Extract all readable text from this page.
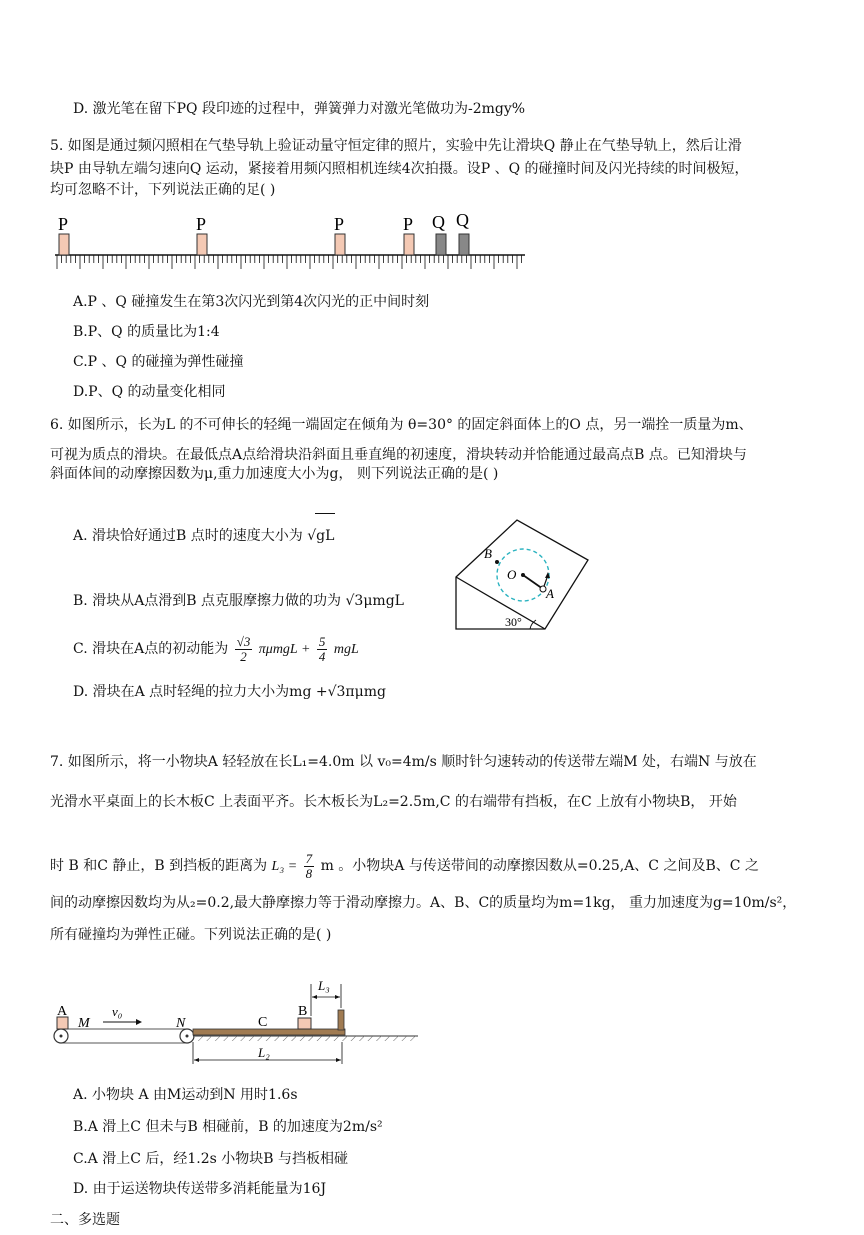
D. 激光笔在留下PQ 段印迹的过程中，弹簧弹力对激光笔做功为-2mgy%
5. 如图是通过频闪照相在气垫导轨上验证动量守恒定律的照片，实验中先让滑块Q 静止在气垫导轨上，然后让滑
块P 由导轨左端匀速向Q 运动，紧接着用频闪照相机连续4次拍摄。设P 、Q 的碰撞时间及闪光持续的时间极短，
均可忽略不计，下列说法正确的足( )
P	P	P	P Q Q
A.P 、Q 碰撞发生在第3次闪光到第4次闪光的正中间时刻
B.P、Q 的质量比为1:4
C.P 、Q 的碰撞为弹性碰撞
D.P、Q 的动量变化相同
6. 如图所示，长为L 的不可伸长的轻绳一端固定在倾角为 θ=30° 的固定斜面体上的O 点，另一端拴一质量为m、
可视为质点的滑块。在最低点A点给滑块沿斜面且垂直绳的初速度，滑块转动并恰能通过最高点B 点。已知滑块与
斜面体间的动摩擦因数为μ,重力加速度大小为g， 则下列说法正确的是( )
A. 滑块恰好通过B 点时的速度大小为 √gL
B. 滑块从A点滑到B 点克服摩擦力做的功为 √3μmgL
C. 滑块在A点的初动能为 $\frac{√3}{2}$ $\pi\mu mgL + \frac{5}{4}$ mgL
D. 滑块在A 点时轻绳的拉力大小为mg +√3πμmg
B
O
A
30°
7. 如图所示，将一小物块A 轻轻放在长L₁=4.0m 以 v₀=4m/s 顺时针匀速转动的传送带左端M 处，右端N 与放在
光滑水平桌面上的长木板C 上表面平齐。长木板长为L₂=2.5m,C 的右端带有挡板，在C 上放有小物块B， 开始
时 B 和C 静止，B 到挡板的距离为 $L_3 = \frac{7}{8}$ m 。小物块A 与传送带间的动摩擦因数从=0.25,A、C 之间及B、C 之
间的动摩擦因数均为从₂=0.2,最大静摩擦力等于滑动摩擦力。A、B、C的质量均为m=1kg， 重力加速度为g=10m/s²，
所有碰撞均为弹性正碰。下列说法正确的是( )
A
M
v₀
N	C
B
L₃
L₂
A. 小物块 A 由M运动到N 用时1.6s
B.A 滑上C 但未与B 相碰前，B 的加速度为2m/s²
C.A 滑上C 后，经1.2s 小物块B 与挡板相碰
D. 由于运送物块传送带多消耗能量为16J
二、多选题
